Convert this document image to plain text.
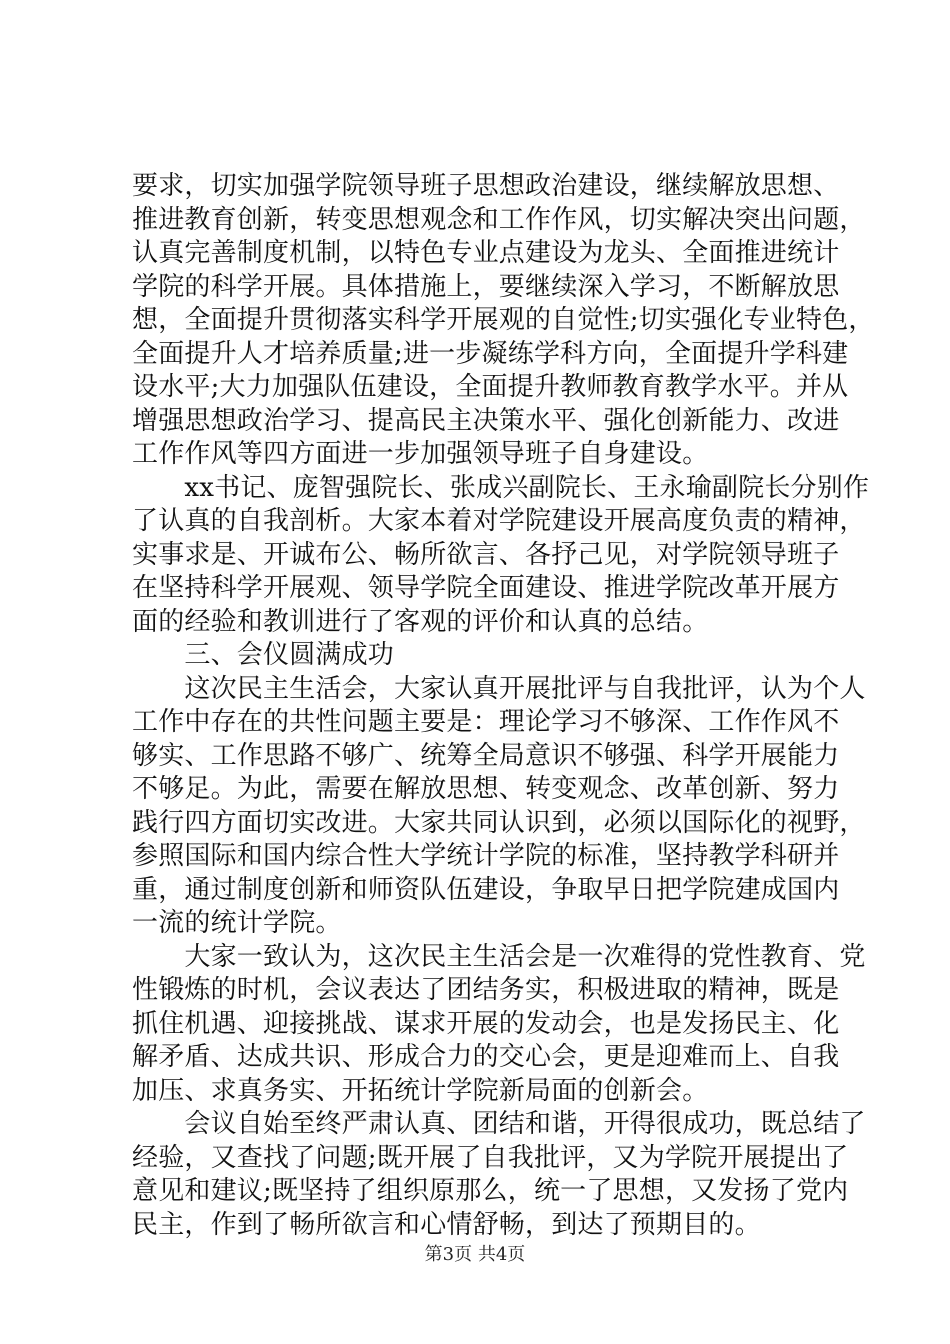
要求，切实加强学院领导班子思想政治建设，继续解放思想、
推进教育创新，转变思想观念和工作作风，切实解决突出问题，
认真完善制度机制，以特色专业点建设为龙头、全面推进统计
学院的科学开展。具体措施上，要继续深入学习，不断解放思
想，全面提升贯彻落实科学开展观的自觉性;切实强化专业特色，
全面提升人才培养质量;进一步凝练学科方向，全面提升学科建
设水平;大力加强队伍建设，全面提升教师教育教学水平。并从
增强思想政治学习、提高民主决策水平、强化创新能力、改进
工作作风等四方面进一步加强领导班子自身建设。
　　xx书记、庞智强院长、张成兴副院长、王永瑜副院长分别作
了认真的自我剖析。大家本着对学院建设开展高度负责的精神，
实事求是、开诚布公、畅所欲言、各抒己见，对学院领导班子
在坚持科学开展观、领导学院全面建设、推进学院改革开展方
面的经验和教训进行了客观的评价和认真的总结。
　　三、会仪圆满成功
　　这次民主生活会，大家认真开展批评与自我批评，认为个人
工作中存在的共性问题主要是：理论学习不够深、工作作风不
够实、工作思路不够广、统筹全局意识不够强、科学开展能力
不够足。为此，需要在解放思想、转变观念、改革创新、努力
践行四方面切实改进。大家共同认识到，必须以国际化的视野，
参照国际和国内综合性大学统计学院的标准，坚持教学科研并
重，通过制度创新和师资队伍建设，争取早日把学院建成国内
一流的统计学院。
　　大家一致认为，这次民主生活会是一次难得的党性教育、党
性锻炼的时机，会议表达了团结务实，积极进取的精神，既是
抓住机遇、迎接挑战、谋求开展的发动会，也是发扬民主、化
解矛盾、达成共识、形成合力的交心会，更是迎难而上、自我
加压、求真务实、开拓统计学院新局面的创新会。
　　会议自始至终严肃认真、团结和谐，开得很成功，既总结了
经验，又查找了问题;既开展了自我批评，又为学院开展提出了
意见和建议;既坚持了组织原那么，统一了思想，又发扬了党内
民主，作到了畅所欲言和心情舒畅，到达了预期目的。
第3页 共4页
